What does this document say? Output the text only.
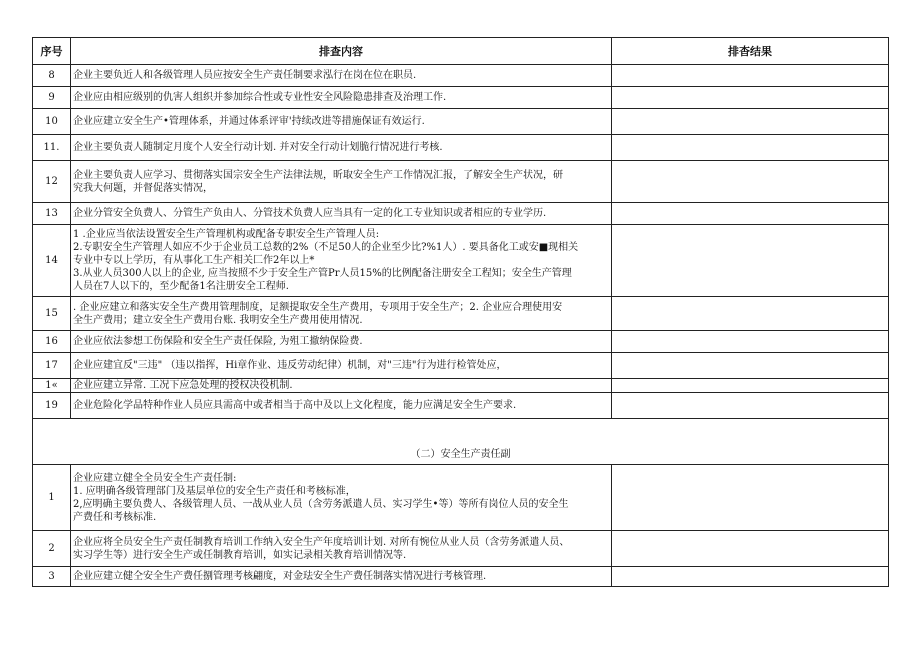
序号	排查内容	排杳结果
8	企业主要负近人和各级管理人员应按安全生产责任制要求泓行在岗在位在职员.	

9	企业应由相应级别的仇害人组织并参加综合性或专业性安全风险隐患排查及治理工作.	

10	企业应建立安全生产•管理体系，并通过体系评审'持续改进等措施保证有效运行.	

11.	企业主要负责人随制定月度个人安全行动计划. 并对安全行动计划脆行情况进行考核.	

12	企业主要负责人应学习、贯彻落实国宗安全生产法律法规，昕取安全生产工作情况汇报，了解安全生产状况，研
究我大何题，并督促落实情况，	

13	企业分管安全负费人、分管生产负由人、分管技术负费人应当具有一定的化工专业知识或者相应的专业学历.	

14	1 .企业应当依法设置安全生产管理机构或配备专职安全生产管理人员:
2.专职安全生产管理人如应不少于企业员工总数的2%（不足50人的企业至少比?%1人）. 要具备化工或安■现相关
专业中专以上学历，有从事化工生产相关匚作2年以上*
3.从业人员300人以上的企业, 应当按照不少于安全生产管Pr人员15%的比例配备注册安全工程知；安全生产管理
人员在7人以下的，至少配备1名注册安全工程师.	

15	. 企业应建立和落实安全生产费用管理制度，足额提取安全生产费用，专项用于安全生产；2. 企业应合理使用安
全生产费用；建立安全生产费用台账. 我明安全生产费用使用情况.	

16	企业应依法参想工伤保险和安全生产责任保险, 为殂工撤纳保险费.	

17	企业应建宜反"三违" （违以指挥，Hi章作业、违反劳动纪律）机制，对"三违"行为进行检管处应，	

1«	企业应建立异常. 工况下应急处理的授权决役机制.	

19	企业危险化学品特种作业人员应具需高中或者相当于高中及以上文化程度，能力应满足安全生产要求.	

（二）安全生产责任副		
1	企业应建立健全全员安全生产责任制:
1. 应明确各级管理部门及基层单位的安全生产责任和考核标准，
2,应明确主要负费人、各级管理人员、一战从业人员（含劳务派遣人员、实习学生•等）等所有岗位人员的安全生
产费任和考核标准.	

2	企业应将全员安全生产责任制教育培训工作纳入安全生产年度培训计划. 对所有惋位从业人员（含劳务派遣人员、
实习学生等）进行安全生产或任制教育培训，如实记录相关教育培训情况等.	

3	企业应建立健仝安全生产费任捌管理考核翩度，对金珐安全生产费任制落实情况进行考核管理.	
